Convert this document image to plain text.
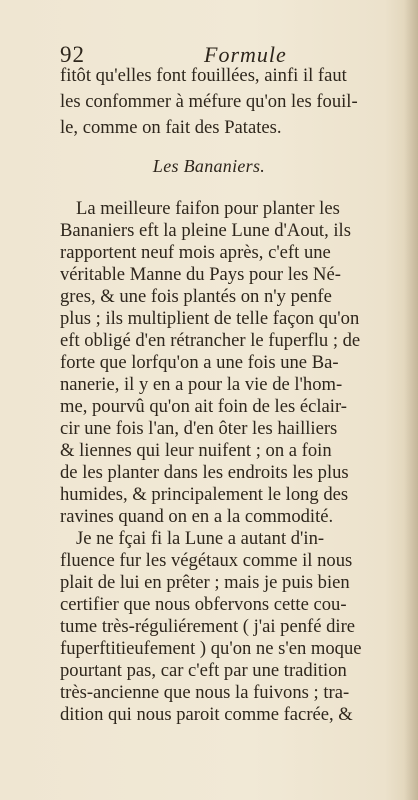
92	Formule
fitôt qu'elles font fouillées, ainfi il faut
les confommer à méfure qu'on les fouil-
le, comme on fait des Patates.
Les Bananiers.
La meilleure faifon pour planter les
Bananiers eft la pleine Lune d'Aout, ils
rapportent neuf mois après, c'eft une
véritable Manne du Pays pour les Né-
gres, & une fois plantés on n'y penfe
plus ; ils multiplient de telle façon qu'on
eft obligé d'en rétrancher le fuperflu ; de
forte que lorfqu'on a une fois une Ba-
nanerie, il y en a pour la vie de l'hom-
me, pourvû qu'on ait foin de les éclair-
cir une fois l'an, d'en ôter les hailliers
& liennes qui leur nuifent ; on a foin
de les planter dans les endroits les plus
humides, & principalement le long des
ravines quand on en a la commodité.
Je ne fçai fi la Lune a autant d'in-
fluence fur les végétaux comme il nous
plait de lui en prêter ; mais je puis bien
certifier que nous obfervons cette cou-
tume très-réguliérement ( j'ai penfé dire
fuperftitieufement ) qu'on ne s'en moque
pourtant pas, car c'eft par une tradition
très-ancienne que nous la fuivons ; tra-
dition qui nous paroit comme facrée, &
